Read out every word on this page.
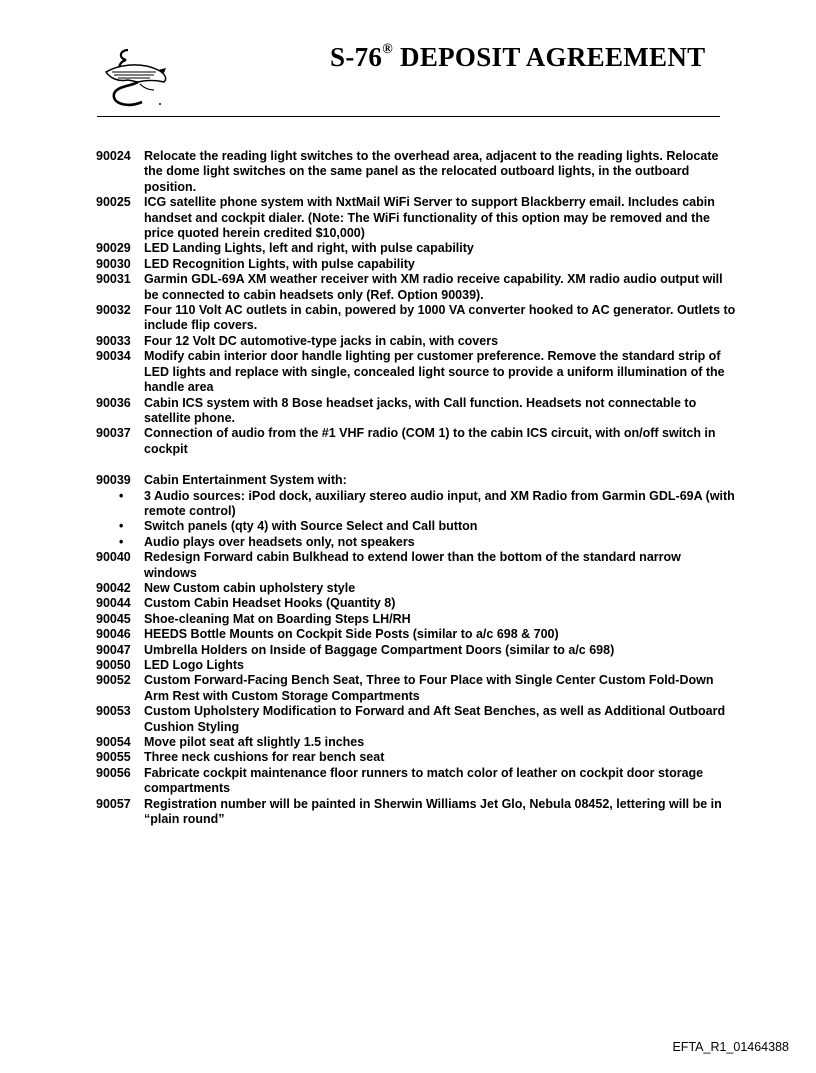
S-76® DEPOSIT AGREEMENT
90024	Relocate the reading light switches to the overhead area, adjacent to the reading lights. Relocate the dome light switches on the same panel as the relocated outboard lights, in the outboard position.
90025	ICG satellite phone system with NxtMail WiFi Server to support Blackberry email. Includes cabin handset and cockpit dialer. (Note: The WiFi functionality of this option may be removed and the price quoted herein credited $10,000)
90029	LED Landing Lights, left and right, with pulse capability
90030	LED Recognition Lights, with pulse capability
90031	Garmin GDL-69A XM weather receiver with XM radio receive capability. XM radio audio output will be connected to cabin headsets only (Ref. Option 90039).
90032	Four 110 Volt AC outlets in cabin, powered by 1000 VA converter hooked to AC generator. Outlets to include flip covers.
90033	Four 12 Volt DC automotive-type jacks in cabin, with covers
90034	Modify cabin interior door handle lighting per customer preference. Remove the standard strip of LED lights and replace with single, concealed light source to provide a uniform illumination of the handle area
90036	Cabin ICS system with 8 Bose headset jacks, with Call function. Headsets not connectable to satellite phone.
90037	Connection of audio from the #1 VHF radio (COM 1) to the cabin ICS circuit, with on/off switch in cockpit
90039	Cabin Entertainment System with:
•	3 Audio sources: iPod dock, auxiliary stereo audio input, and XM Radio from Garmin GDL-69A (with remote control)
•	Switch panels (qty 4) with Source Select and Call button
•	Audio plays over headsets only, not speakers
90040	Redesign Forward cabin Bulkhead to extend lower than the bottom of the standard narrow windows
90042	New Custom cabin upholstery style
90044	Custom Cabin Headset Hooks (Quantity 8)
90045	Shoe-cleaning Mat on Boarding Steps LH/RH
90046	HEEDS Bottle Mounts on Cockpit Side Posts (similar to a/c 698 & 700)
90047	Umbrella Holders on Inside of Baggage Compartment Doors (similar to a/c 698)
90050	LED Logo Lights
90052	Custom Forward-Facing Bench Seat, Three to Four Place with Single Center Custom Fold-Down Arm Rest with Custom Storage Compartments
90053	Custom Upholstery Modification to Forward and Aft Seat Benches, as well as Additional Outboard Cushion Styling
90054	Move pilot seat aft slightly 1.5 inches
90055	Three neck cushions for rear bench seat
90056	Fabricate cockpit maintenance floor runners to match color of leather on cockpit door storage compartments
90057	Registration number will be painted in Sherwin Williams Jet Glo, Nebula 08452, lettering will be in “plain round”
EFTA_R1_01464388
